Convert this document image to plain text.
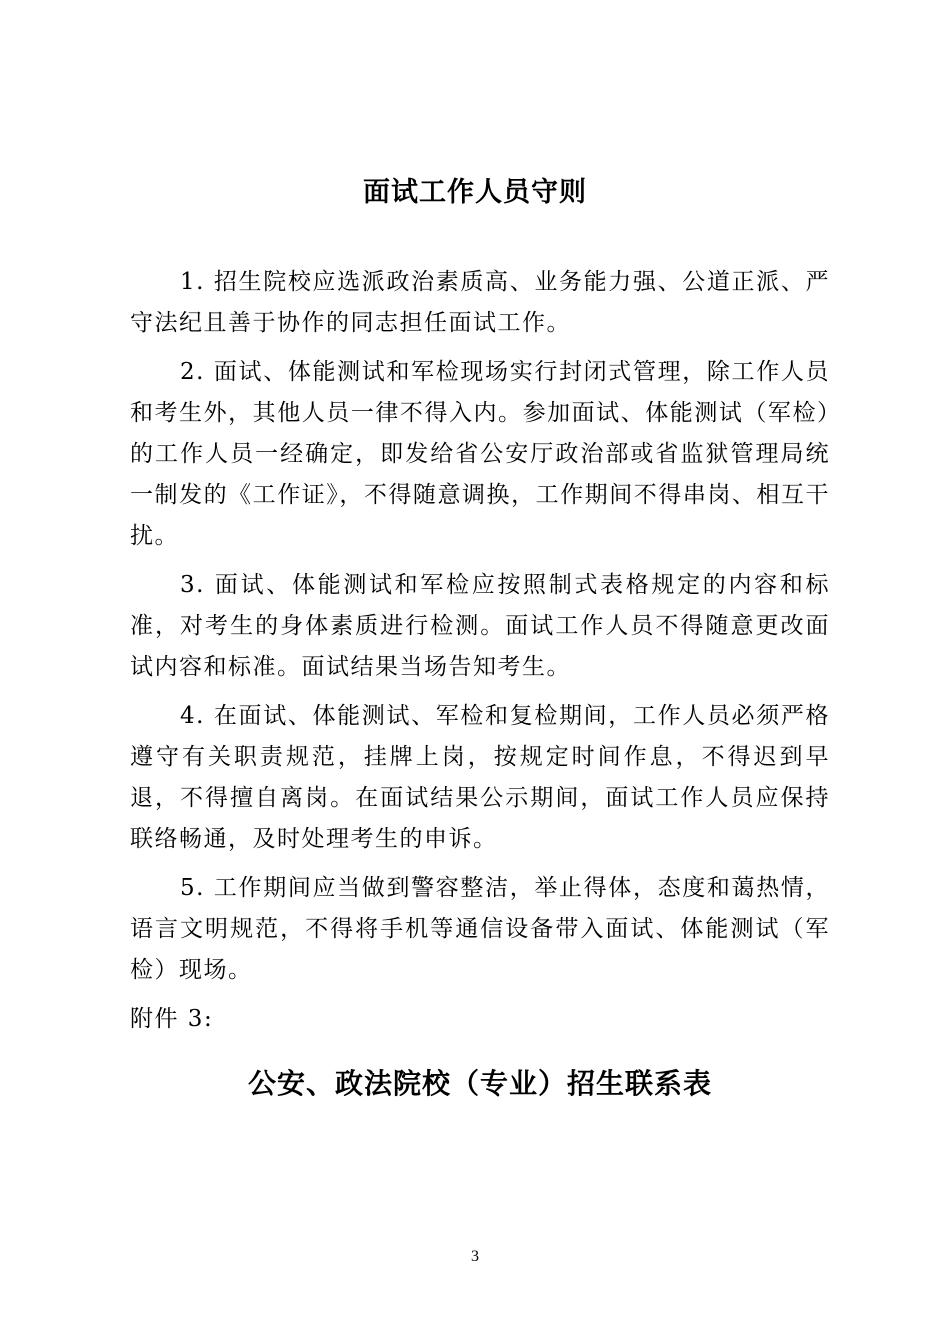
面试工作人员守则

1. 招生院校应选派政治素质高、业务能力强、公道正派、严守法纪且善于协作的同志担任面试工作。

2. 面试、体能测试和军检现场实行封闭式管理，除工作人员和考生外，其他人员一律不得入内。参加面试、体能测试（军检）的工作人员一经确定，即发给省公安厅政治部或省监狱管理局统一制发的《工作证》，不得随意调换，工作期间不得串岗、相互干扰。

3. 面试、体能测试和军检应按照制式表格规定的内容和标准，对考生的身体素质进行检测。面试工作人员不得随意更改面试内容和标准。面试结果当场告知考生。

4. 在面试、体能测试、军检和复检期间，工作人员必须严格遵守有关职责规范，挂牌上岗，按规定时间作息，不得迟到早退，不得擅自离岗。在面试结果公示期间，面试工作人员应保持联络畅通，及时处理考生的申诉。

5. 工作期间应当做到警容整洁，举止得体，态度和蔼热情，语言文明规范，不得将手机等通信设备带入面试、体能测试（军检）现场。

附件 3:

公安、政法院校（专业）招生联系表
3
